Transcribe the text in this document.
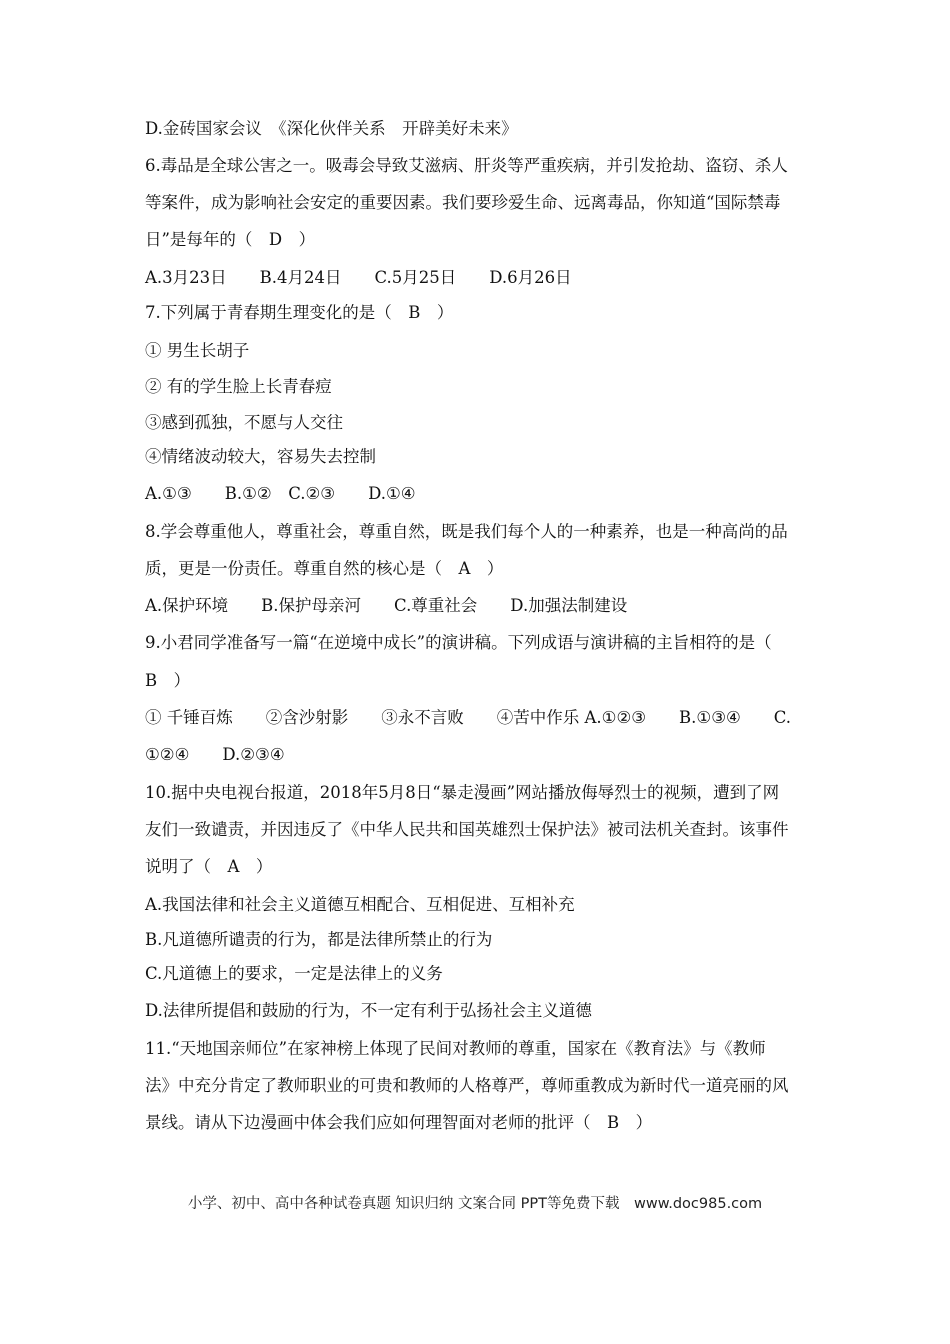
D.金砖国家会议　《深化伙伴关系　开辟美好未来》
6.毒品是全球公害之一。吸毒会导致艾滋病、肝炎等严重疾病，并引发抢劫、盗窃、杀人
等案件，成为影响社会安定的重要因素。我们要珍爱生命、远离毒品，你知道“国际禁毒
日”是每年的（　D　）
A.3月23日　　B.4月24日　　C.5月25日　　D.6月26日
7.下列属于青春期生理变化的是（　B　）
① 男生长胡子
② 有的学生脸上长青春痘
③感到孤独，不愿与人交往
④情绪波动较大，容易失去控制
A.①③　　B.①②　C.②③　　D.①④
8.学会尊重他人，尊重社会，尊重自然，既是我们每个人的一种素养，也是一种高尚的品
质，更是一份责任。尊重自然的核心是（　A　）
A.保护环境　　B.保护母亲河　　C.尊重社会　　D.加强法制建设
9.小君同学准备写一篇“在逆境中成长”的演讲稿。下列成语与演讲稿的主旨相符的是（
B　）
① 千锤百炼　　②含沙射影　　③永不言败　　④苦中作乐 A.①②③　　B.①③④　　C.
①②④　　D.②③④
10.据中央电视台报道，2018年5月8日“暴走漫画”网站播放侮辱烈士的视频，遭到了网
友们一致谴责，并因违反了《中华人民共和国英雄烈士保护法》被司法机关查封。该事件
说明了（　A　）
A.我国法律和社会主义道德互相配合、互相促进、互相补充
B.凡道德所谴责的行为，都是法律所禁止的行为
C.凡道德上的要求，一定是法律上的义务
D.法律所提倡和鼓励的行为，不一定有利于弘扬社会主义道德
11.“天地国亲师位”在家神榜上体现了民间对教师的尊重，国家在《教育法》与《教师
法》中充分肯定了教师职业的可贵和教师的人格尊严，尊师重教成为新时代一道亮丽的风
景线。请从下边漫画中体会我们应如何理智面对老师的批评（　B　）
小学、初中、高中各种试卷真题 知识归纳 文案合同 PPT等免费下载　www.doc985.com
